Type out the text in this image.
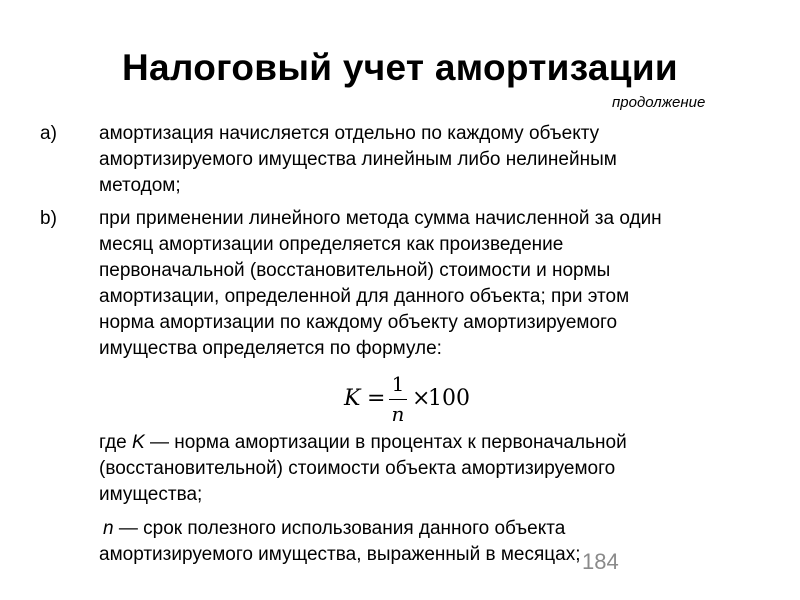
Налоговый учет амортизации
продолжение
a) амортизация начисляется отдельно по каждому объекту
амортизируемого имущества линейным либо нелинейным
методом;
b) при применении линейного метода сумма начисленной за один
месяц амортизации определяется как произведение
первоначальной (восстановительной) стоимости и нормы
амортизации, определенной для данного объекта; при этом
норма амортизации по каждому объекту амортизируемого
имущества определяется по формуле:
K =
1
n
×
100
где K — норма амортизации в процентах к первоначальной
(восстановительной) стоимости объекта амортизируемого
имущества;
n — срок полезного использования данного объекта
амортизируемого имущества, выраженный в месяцах; 184
